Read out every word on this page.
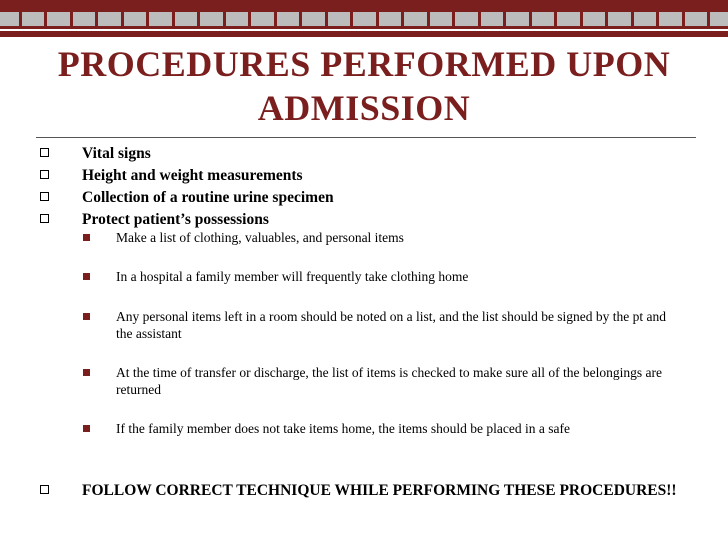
PROCEDURES PERFORMED UPON ADMISSION
Vital signs
Height and weight measurements
Collection of a routine urine specimen
Protect patient’s possessions
Make a list of clothing, valuables, and personal items
In a hospital a family member will frequently take clothing home
Any personal items left in a room should be noted on a list, and the list should be signed by the pt and the assistant
At the time of transfer or discharge, the list of items is checked to make sure all of the belongings are returned
If the family member does not take items home, the items should be placed in a safe
FOLLOW CORRECT TECHNIQUE WHILE PERFORMING THESE PROCEDURES!!
